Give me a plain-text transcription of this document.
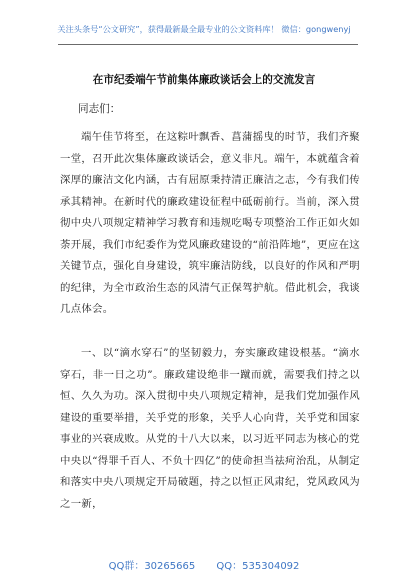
关注头条号“公文研究”，获得最新最全最专业的公文资料库！ 微信：gongwenyj
在市纪委端午节前集体廉政谈话会上的交流发言
同志们：

端午佳节将至，在这粽叶飘香、菖蒲摇曳的时节，我们齐聚一堂，召开此次集体廉政谈话会，意义非凡。端午，本就蕴含着深厚的廉洁文化内涵，古有屈原秉持清正廉洁之志，今有我们传承其精神。在新时代的廉政建设征程中砥砺前行。当前，深入贯彻中央八项规定精神学习教育和违规吃喝专项整治工作正如火如荼开展，我们市纪委作为党风廉政建设的“前沿阵地”，更应在这关键节点，强化自身建设，筑牢廉洁防线，以良好的作风和严明的纪律，为全市政治生态的风清气正保驾护航。借此机会，我谈几点体会。

一、以“滴水穿石”的坚韧毅力，夯实廉政建设根基。“滴水穿石，非一日之功”。廉政建设绝非一蹴而就，需要我们持之以恒、久久为功。深入贯彻中央八项规定精神，是我们党加强作风建设的重要举措，关乎党的形象，关乎人心向背，关乎党和国家事业的兴衰成败。从党的十八大以来，以习近平同志为核心的党中央以“得罪千百人、不负十四亿”的使命担当祛疴治乱，从制定和落实中央八项规定开局破题，持之以恒正风肃纪，党风政风为之一新，

QQ群：30265665 QQ：535304092
